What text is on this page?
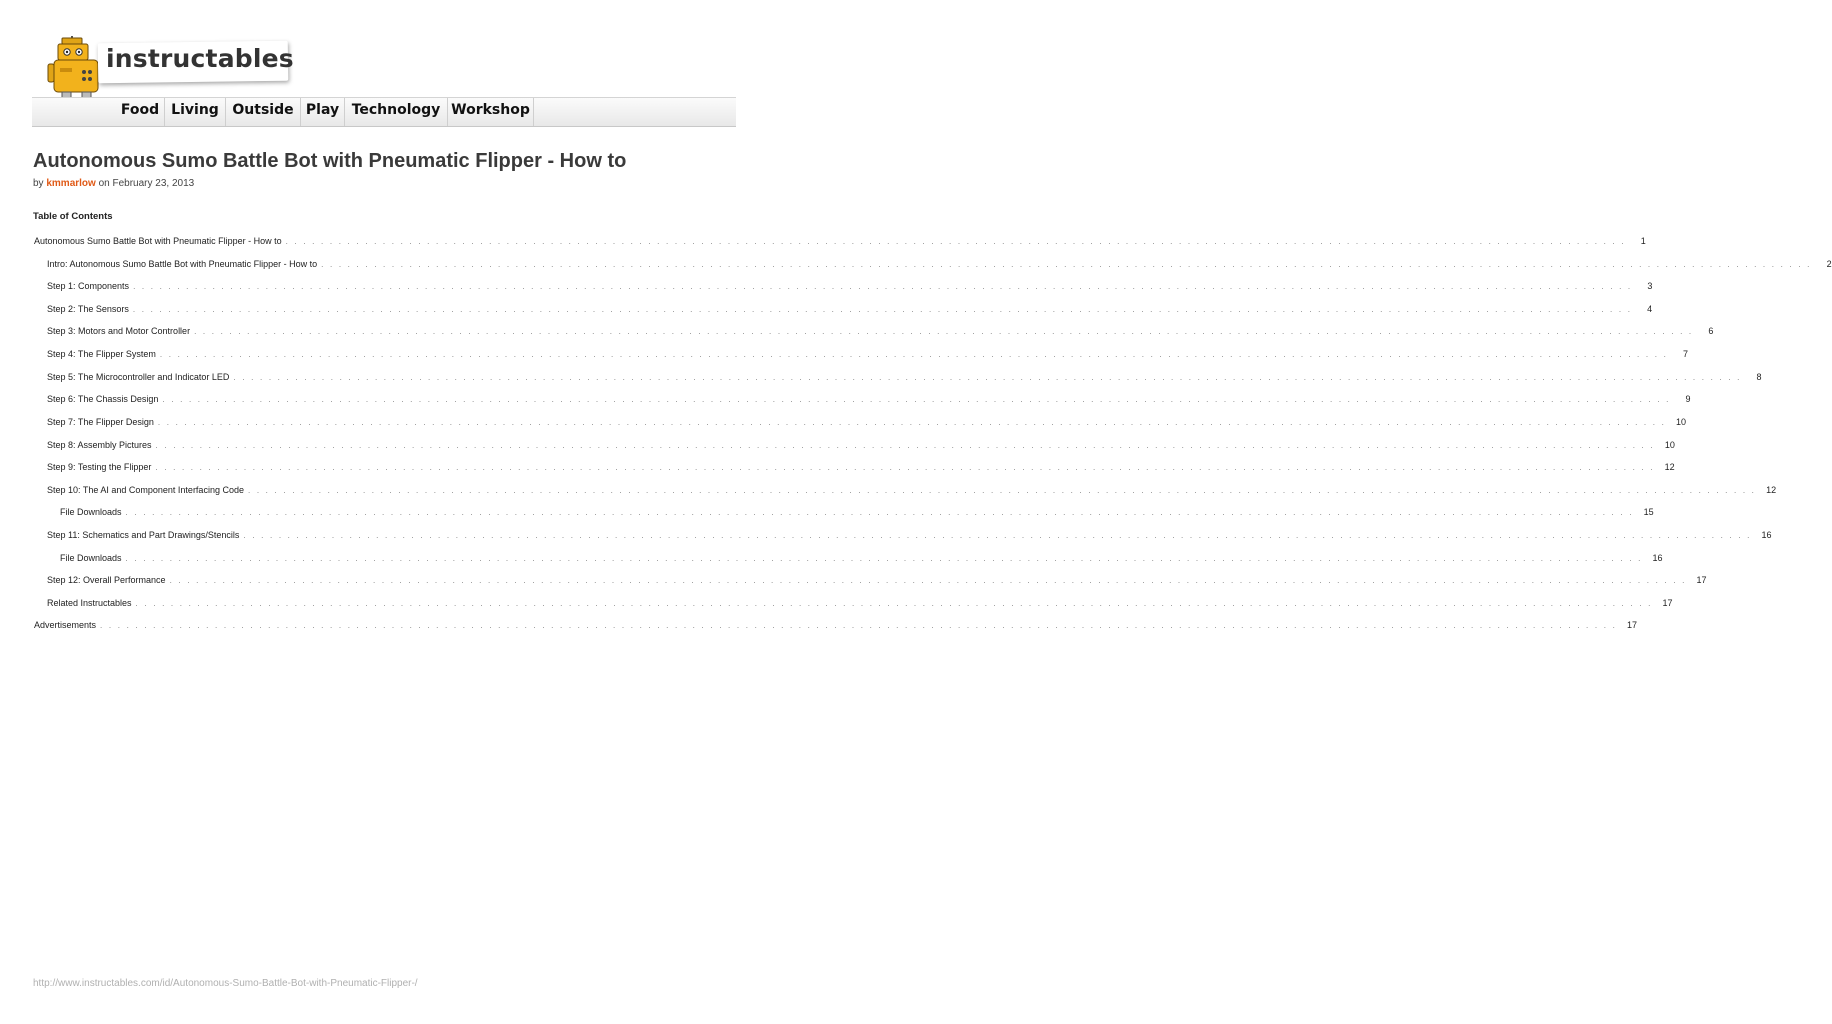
instructables
Food Living Outside Play Technology Workshop
Autonomous Sumo Battle Bot with Pneumatic Flipper - How to
by kmmarlow on February 23, 2013
Table of Contents
Autonomous Sumo Battle Bot with Pneumatic Flipper - How to . . . . . . . . . . . . . . . . . . . . . . . . . . . . . . . . . . . . . . . . . . . . . . . . . . . . . . . . . . . . . . . . . . . . . . . . . . . . . . . . . . . . . . . . . . . . . . . . . . . . . . . . . . . . . . . . . . . . . . . . . . . . . . . . . . . . . . . . . . . . . . . . . . . . . . . .	1
Intro: Autonomous Sumo Battle Bot with Pneumatic Flipper - How to . . . . . . . . . . . . . . . . . . . . . . . . . . . . . . . . . . . . . . . . . . . . . . . . . . . . . . . . . . . . . . . . . . . . . . . . . . . . . . . . . . . . . . . . . . . . . . . . . . . . . . . . . . . . . . . . . . . . . . . . . . . . . . . . . . . . . . . . . . . . . . . . . . . . . . . . . . . . . . . . . . . . . . . . .	2
Step 1: Components . . . . . . . . . . . . . . . . . . . . . . . . . . . . . . . . . . . . . . . . . . . . . . . . . . . . . . . . . . . . . . . . . . . . . . . . . . . . . . . . . . . . . . . . . . . . . . . . . . . . . . . . . . . . . . . . . . . . . . . . . . . . . . . . . . . . . . . . . . . . . . . . . . . . . . . . . . . . . . . . . . . . . . . . . .	3
Step 2: The Sensors . . . . . . . . . . . . . . . . . . . . . . . . . . . . . . . . . . . . . . . . . . . . . . . . . . . . . . . . . . . . . . . . . . . . . . . . . . . . . . . . . . . . . . . . . . . . . . . . . . . . . . . . . . . . . . . . . . . . . . . . . . . . . . . . . . . . . . . . . . . . . . . . . . . . . . . . . . . . . . . . . . . . . . . . . .	4
Step 3: Motors and Motor Controller . . . . . . . . . . . . . . . . . . . . . . . . . . . . . . . . . . . . . . . . . . . . . . . . . . . . . . . . . . . . . . . . . . . . . . . . . . . . . . . . . . . . . . . . . . . . . . . . . . . . . . . . . . . . . . . . . . . . . . . . . . . . . . . . . . . . . . . . . . . . . . . . . . . . . . . . . . . . . . . . . . . . . . . . . .	6
Step 4: The Flipper System . . . . . . . . . . . . . . . . . . . . . . . . . . . . . . . . . . . . . . . . . . . . . . . . . . . . . . . . . . . . . . . . . . . . . . . . . . . . . . . . . . . . . . . . . . . . . . . . . . . . . . . . . . . . . . . . . . . . . . . . . . . . . . . . . . . . . . . . . . . . . . . . . . . . . . . . . . . . . . . . . . . . . . . . . . .	7
Step 5: The Microcontroller and Indicator LED . . . . . . . . . . . . . . . . . . . . . . . . . . . . . . . . . . . . . . . . . . . . . . . . . . . . . . . . . . . . . . . . . . . . . . . . . . . . . . . . . . . . . . . . . . . . . . . . . . . . . . . . . . . . . . . . . . . . . . . . . . . . . . . . . . . . . . . . . . . . . . . . . . . . . . . . . . . . . . . . . . . . . . . . . . .	8
Step 6: The Chassis Design . . . . . . . . . . . . . . . . . . . . . . . . . . . . . . . . . . . . . . . . . . . . . . . . . . . . . . . . . . . . . . . . . . . . . . . . . . . . . . . . . . . . . . . . . . . . . . . . . . . . . . . . . . . . . . . . . . . . . . . . . . . . . . . . . . . . . . . . . . . . . . . . . . . . . . . . . . . . . . . . . . . . . . . . . . .	9
Step 7: The Flipper Design . . . . . . . . . . . . . . . . . . . . . . . . . . . . . . . . . . . . . . . . . . . . . . . . . . . . . . . . . . . . . . . . . . . . . . . . . . . . . . . . . . . . . . . . . . . . . . . . . . . . . . . . . . . . . . . . . . . . . . . . . . . . . . . . . . . . . . . . . . . . . . . . . . . . . . . . . . . . . . . . . . . . . . . . . . .	10
Step 8: Assembly Pictures . . . . . . . . . . . . . . . . . . . . . . . . . . . . . . . . . . . . . . . . . . . . . . . . . . . . . . . . . . . . . . . . . . . . . . . . . . . . . . . . . . . . . . . . . . . . . . . . . . . . . . . . . . . . . . . . . . . . . . . . . . . . . . . . . . . . . . . . . . . . . . . . . . . . . . . . . . . . . . . . . . . . . . . . . .	10
Step 9: Testing the Flipper . . . . . . . . . . . . . . . . . . . . . . . . . . . . . . . . . . . . . . . . . . . . . . . . . . . . . . . . . . . . . . . . . . . . . . . . . . . . . . . . . . . . . . . . . . . . . . . . . . . . . . . . . . . . . . . . . . . . . . . . . . . . . . . . . . . . . . . . . . . . . . . . . . . . . . . . . . . . . . . . . . . . . . . . . .	12
Step 10: The AI and Component Interfacing Code . . . . . . . . . . . . . . . . . . . . . . . . . . . . . . . . . . . . . . . . . . . . . . . . . . . . . . . . . . . . . . . . . . . . . . . . . . . . . . . . . . . . . . . . . . . . . . . . . . . . . . . . . . . . . . . . . . . . . . . . . . . . . . . . . . . . . . . . . . . . . . . . . . . . . . . . . . . . . . . . . . . . . . . . . . .	12
File Downloads . . . . . . . . . . . . . . . . . . . . . . . . . . . . . . . . . . . . . . . . . . . . . . . . . . . . . . . . . . . . . . . . . . . . . . . . . . . . . . . . . . . . . . . . . . . . . . . . . . . . . . . . . . . . . . . . . . . . . . . . . . . . . . . . . . . . . . . . . . . . . . . . . . . . . . . . . . . . . . . . . . . . . . . . . . .	15
Step 11: Schematics and Part Drawings/Stencils . . . . . . . . . . . . . . . . . . . . . . . . . . . . . . . . . . . . . . . . . . . . . . . . . . . . . . . . . . . . . . . . . . . . . . . . . . . . . . . . . . . . . . . . . . . . . . . . . . . . . . . . . . . . . . . . . . . . . . . . . . . . . . . . . . . . . . . . . . . . . . . . . . . . . . . . . . . . . . . . . . . . . . . . . . .	16
File Downloads . . . . . . . . . . . . . . . . . . . . . . . . . . . . . . . . . . . . . . . . . . . . . . . . . . . . . . . . . . . . . . . . . . . . . . . . . . . . . . . . . . . . . . . . . . . . . . . . . . . . . . . . . . . . . . . . . . . . . . . . . . . . . . . . . . . . . . . . . . . . . . . . . . . . . . . . . . . . . . . . . . . . . . . . . . . .	16
Step 12: Overall Performance . . . . . . . . . . . . . . . . . . . . . . . . . . . . . . . . . . . . . . . . . . . . . . . . . . . . . . . . . . . . . . . . . . . . . . . . . . . . . . . . . . . . . . . . . . . . . . . . . . . . . . . . . . . . . . . . . . . . . . . . . . . . . . . . . . . . . . . . . . . . . . . . . . . . . . . . . . . . . . . . . . . . . . . . . . . .	17
Related Instructables . . . . . . . . . . . . . . . . . . . . . . . . . . . . . . . . . . . . . . . . . . . . . . . . . . . . . . . . . . . . . . . . . . . . . . . . . . . . . . . . . . . . . . . . . . . . . . . . . . . . . . . . . . . . . . . . . . . . . . . . . . . . . . . . . . . . . . . . . . . . . . . . . . . . . . . . . . . . . . . . . . . . . . . . . . . .	17
Advertisements . . . . . . . . . . . . . . . . . . . . . . . . . . . . . . . . . . . . . . . . . . . . . . . . . . . . . . . . . . . . . . . . . . . . . . . . . . . . . . . . . . . . . . . . . . . . . . . . . . . . . . . . . . . . . . . . . . . . . . . . . . . . . . . . . . . . . . . . . . . . . . . . . . . . . . . . . . . . . . . . . . . . . . . . . . . .	17
http://www.instructables.com/id/Autonomous-Sumo-Battle-Bot-with-Pneumatic-Flipper-/
